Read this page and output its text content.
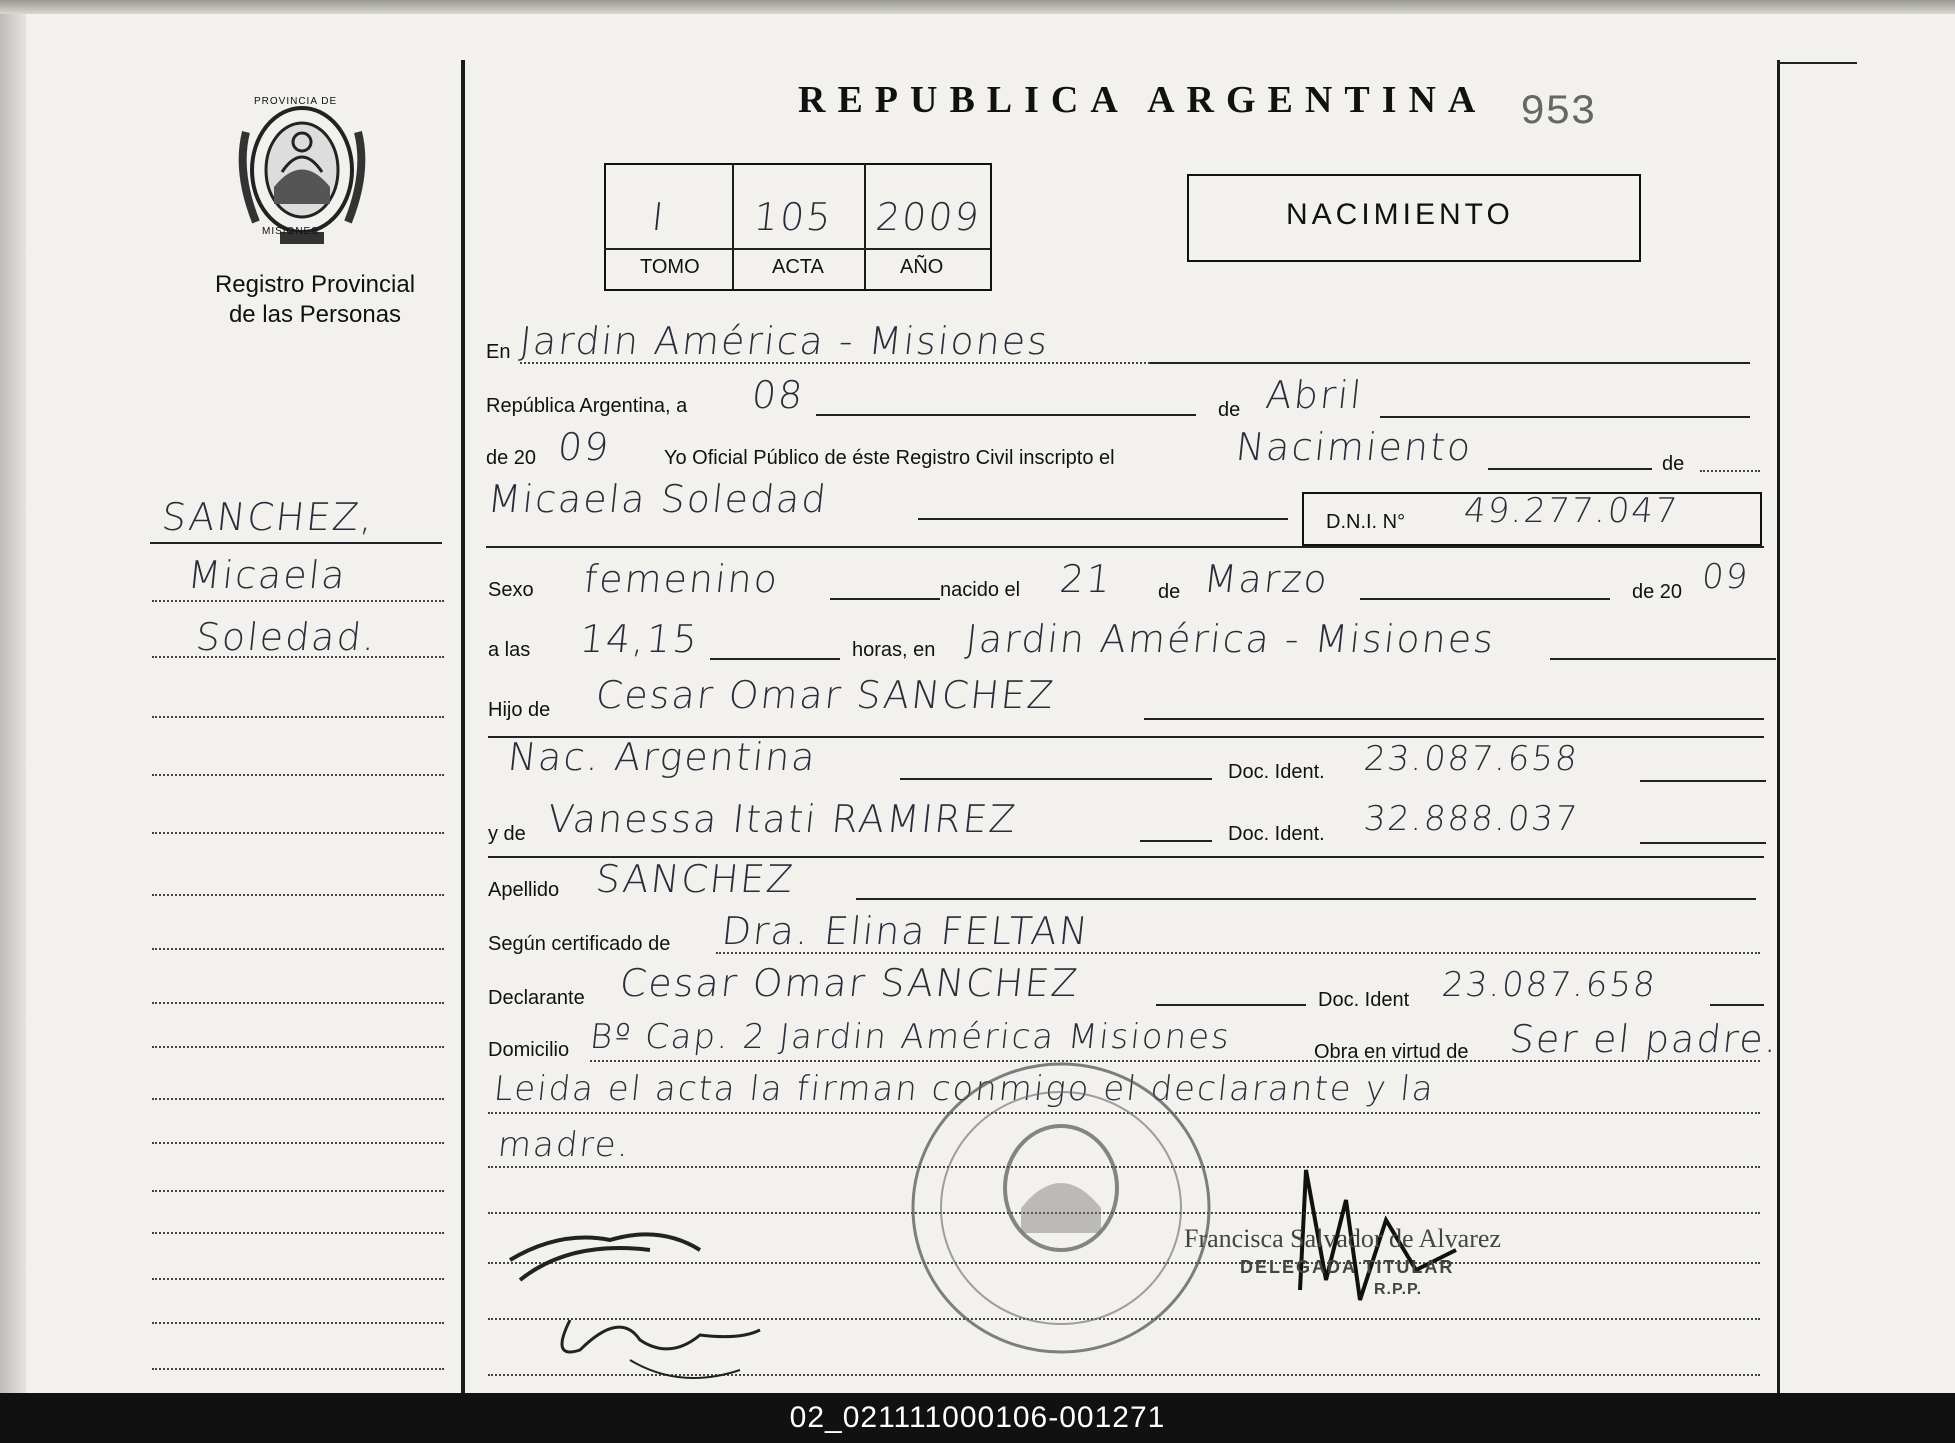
PROVINCIA DE
MISIONES
Registro Provincial
de las Personas
SANCHEZ,
Micaela
Soledad.
REPUBLICA ARGENTINA 953
I 105 2009
TOMO	ACTA	AÑO
NACIMIENTO
En Jardin América - Misiones
República Argentina, a 08	de Abril
de 20 09	Yo Oficial Público de éste Registro Civil inscripto el	Nacimiento	de
Micaela Soledad
D.N.I. N° 49.277.047
Sexo femenino	nacido el 21 de Marzo	de 20 09
a las 14,15	horas, en Jardin América - Misiones
Hijo de Cesar Omar SANCHEZ
Nac. Argentina	Doc. Ident. 23.087.658
y de Vanessa Itati RAMIREZ	Doc. Ident. 32.888.037
Apellido SANCHEZ
Según certificado de Dra. Elina FELTAN
Declarante Cesar Omar SANCHEZ	Doc. Ident 23.087.658
Domicilio Bº Cap. 2 Jardin América Misiones	Obra en virtud de Ser el padre.
Leida el acta la firman conmigo el declarante y la
madre.
Francisca Salvador de Alvarez
DELEGADA TITULAR
R.P.P.
02_021111000106-001271
